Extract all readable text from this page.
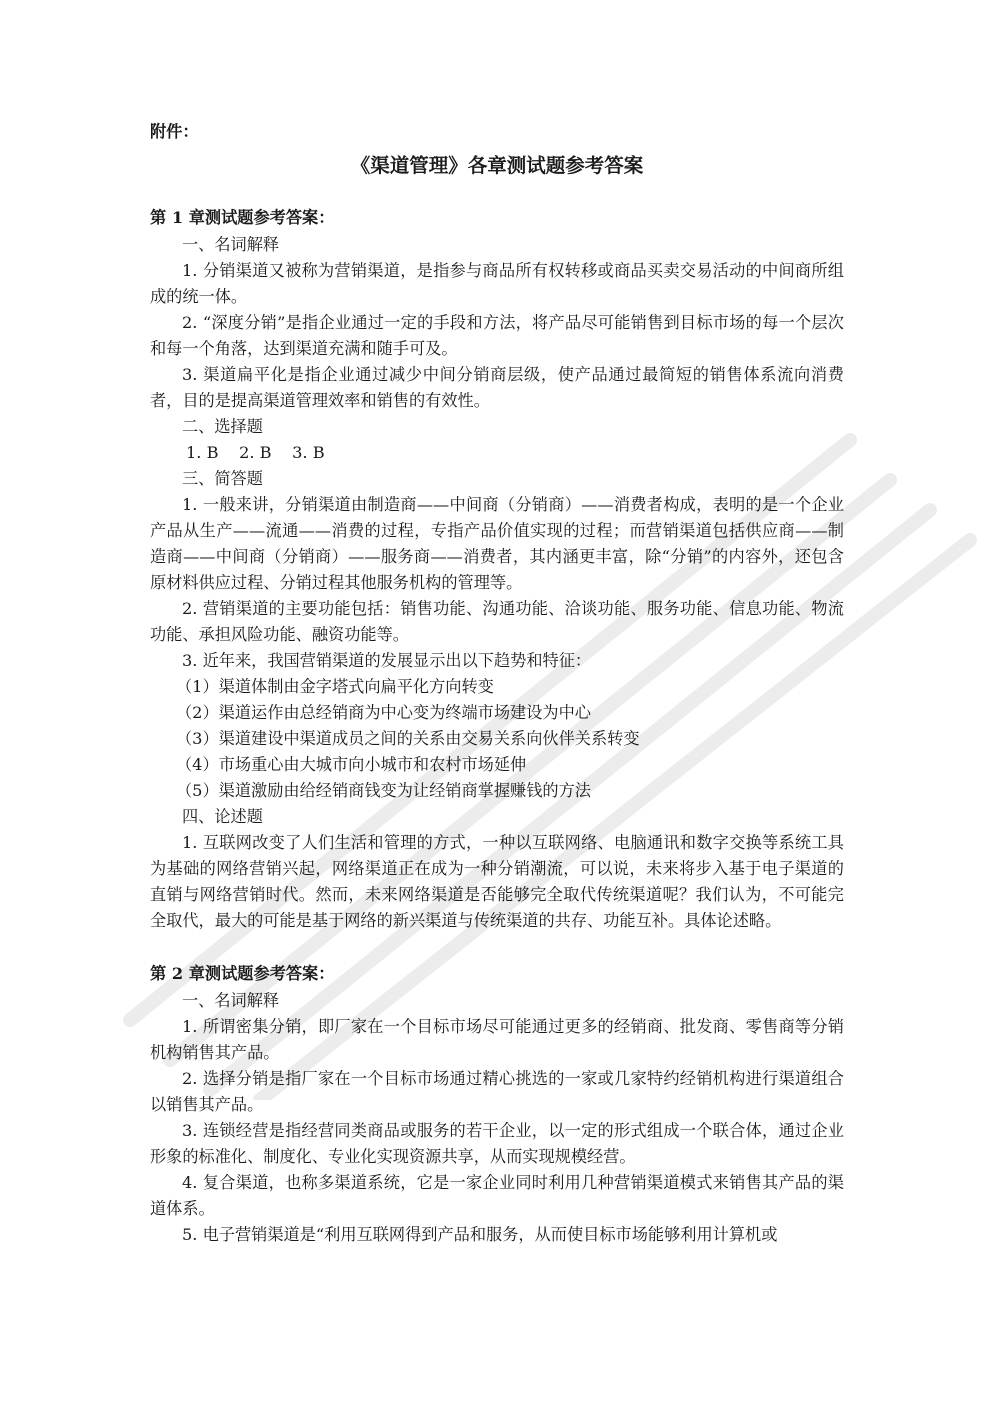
附件：

《渠道管理》各章测试题参考答案

第 1 章测试题参考答案：

一、名词解释

1. 分销渠道又被称为营销渠道，是指参与商品所有权转移或商品买卖交易活动的中间商所组成的统一体。

2. “深度分销”是指企业通过一定的手段和方法，将产品尽可能销售到目标市场的每一个层次和每一个角落，达到渠道充满和随手可及。

3. 渠道扁平化是指企业通过减少中间分销商层级，使产品通过最简短的销售体系流向消费者，目的是提高渠道管理效率和销售的有效性。

二、选择题

1. B    2. B    3. B

三、简答题

1. 一般来讲，分销渠道由制造商——中间商（分销商）——消费者构成，表明的是一个企业产品从生产——流通——消费的过程，专指产品价值实现的过程；而营销渠道包括供应商——制造商——中间商（分销商）——服务商——消费者，其内涵更丰富，除“分销”的内容外，还包含原材料供应过程、分销过程其他服务机构的管理等。

2. 营销渠道的主要功能包括：销售功能、沟通功能、洽谈功能、服务功能、信息功能、物流功能、承担风险功能、融资功能等。

3. 近年来，我国营销渠道的发展显示出以下趋势和特征：

（1）渠道体制由金字塔式向扁平化方向转变

（2）渠道运作由总经销商为中心变为终端市场建设为中心

（3）渠道建设中渠道成员之间的关系由交易关系向伙伴关系转变

（4）市场重心由大城市向小城市和农村市场延伸

（5）渠道激励由给经销商钱变为让经销商掌握赚钱的方法

四、论述题

1. 互联网改变了人们生活和管理的方式，一种以互联网络、电脑通讯和数字交换等系统工具为基础的网络营销兴起，网络渠道正在成为一种分销潮流，可以说，未来将步入基于电子渠道的直销与网络营销时代。然而，未来网络渠道是否能够完全取代传统渠道呢？我们认为，不可能完全取代，最大的可能是基于网络的新兴渠道与传统渠道的共存、功能互补。具体论述略。

第 2 章测试题参考答案：

一、名词解释

1. 所谓密集分销，即厂家在一个目标市场尽可能通过更多的经销商、批发商、零售商等分销机构销售其产品。

2. 选择分销是指厂家在一个目标市场通过精心挑选的一家或几家特约经销机构进行渠道组合以销售其产品。

3. 连锁经营是指经营同类商品或服务的若干企业，以一定的形式组成一个联合体，通过企业形象的标准化、制度化、专业化实现资源共享，从而实现规模经营。

4. 复合渠道，也称多渠道系统，它是一家企业同时利用几种营销渠道模式来销售其产品的渠道体系。

5. 电子营销渠道是“利用互联网得到产品和服务，从而使目标市场能够利用计算机或
